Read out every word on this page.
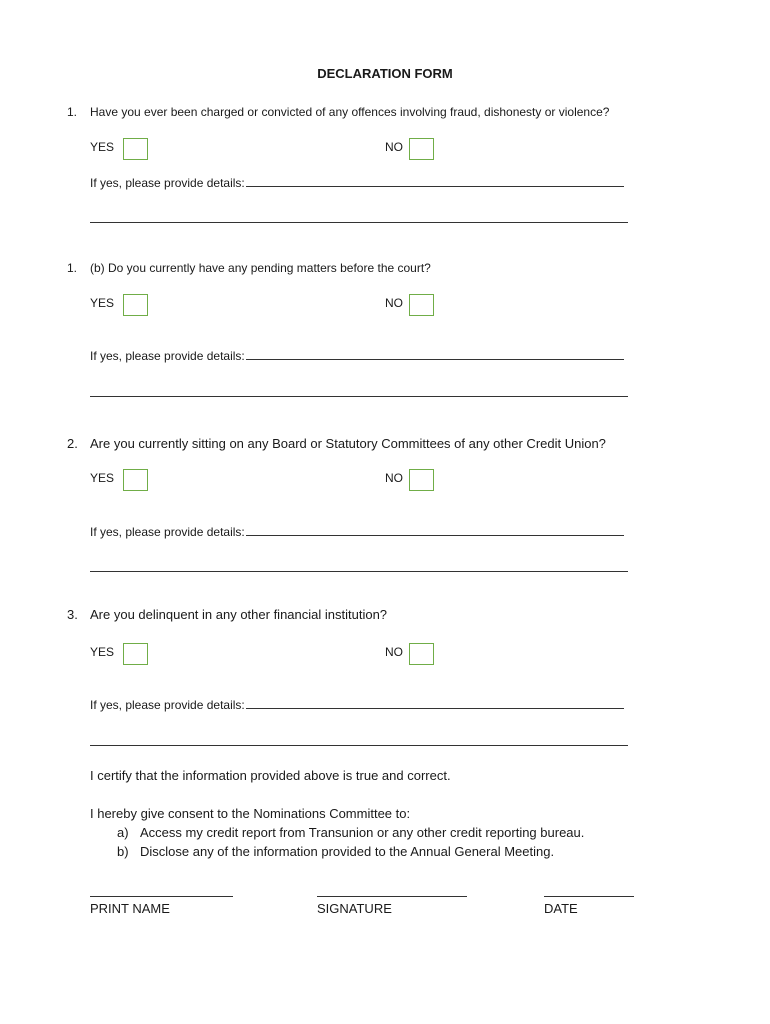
DECLARATION FORM
1. Have you ever been charged or convicted of any offences involving fraud, dishonesty or violence?
YES	NO
If yes, please provide details:
1. (b) Do you currently have any pending matters before the court?
YES	NO
If yes, please provide details:
2. Are you currently sitting on any Board or Statutory Committees of any other Credit Union?
YES	NO
If yes, please provide details:
3. Are you delinquent in any other financial institution?
YES	NO
If yes, please provide details:
I certify that the information provided above is true and correct.
I hereby give consent to the Nominations Committee to:
a) Access my credit report from Transunion or any other credit reporting bureau.
b) Disclose any of the information provided to the Annual General Meeting.
PRINT NAME	SIGNATURE	DATE
